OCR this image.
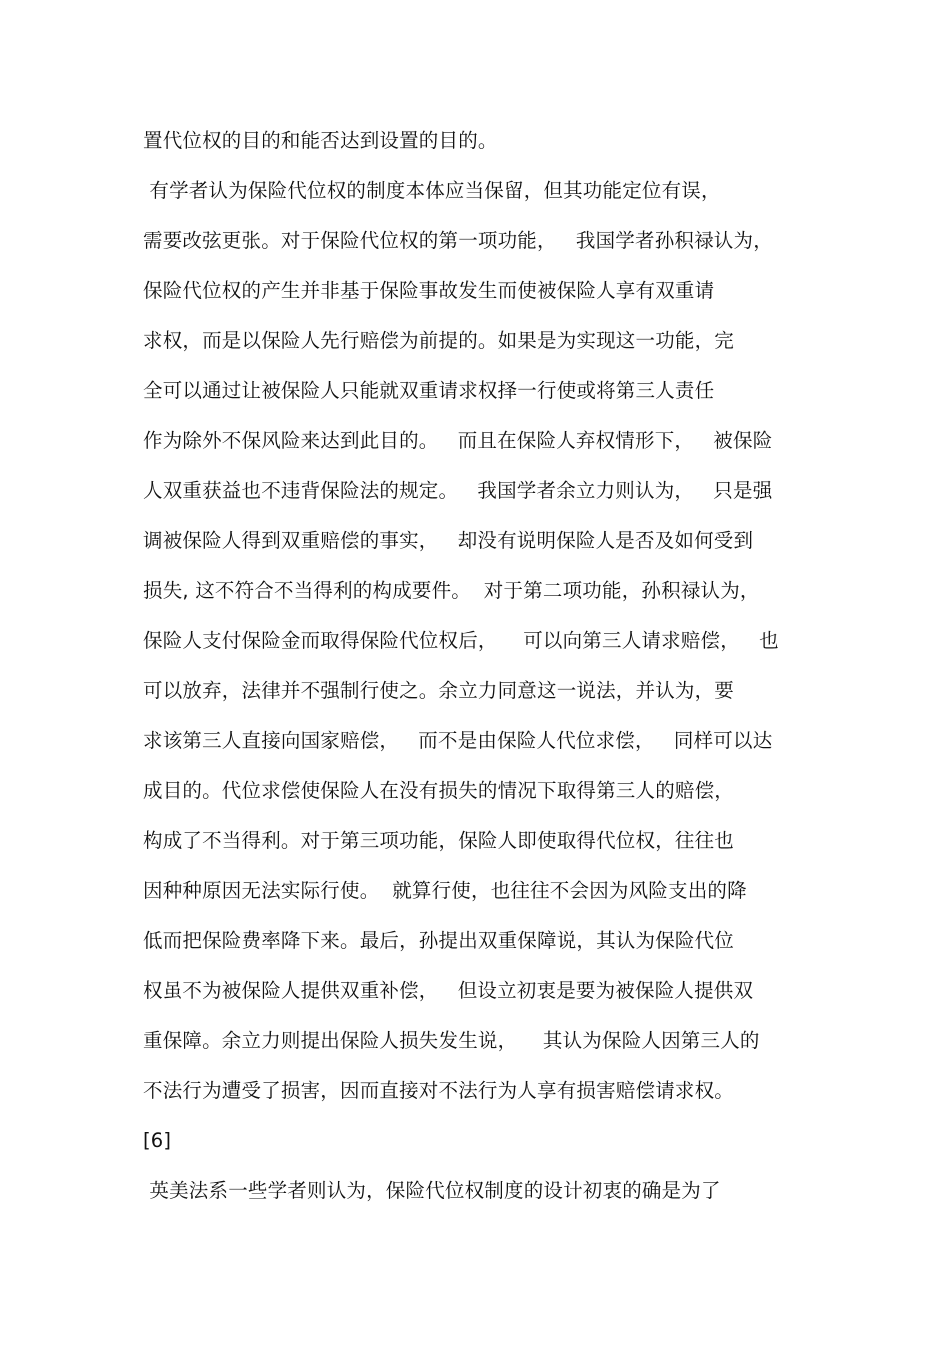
置代位权的目的和能否达到设置的目的。
有学者认为保险代位权的制度本体应当保留，但其功能定位有误，
需要改弦更张。对于保险代位权的第一项功能，   我国学者孙积禄认为，
保险代位权的产生并非基于保险事故发生而使被保险人享有双重请
求权，而是以保险人先行赔偿为前提的。如果是为实现这一功能，完
全可以通过让被保险人只能就双重请求权择一行使或将第三人责任
作为除外不保风险来达到此目的。   而且在保险人弃权情形下，   被保险
人双重获益也不违背保险法的规定。   我国学者余立力则认为，   只是强
调被保险人得到双重赔偿的事实，   却没有说明保险人是否及如何受到
损失, 这不符合不当得利的构成要件。  对于第二项功能，孙积禄认为，
保险人支付保险金而取得保险代位权后，    可以向第三人请求赔偿，   也
可以放弃，法律并不强制行使之。余立力同意这一说法，并认为，要
求该第三人直接向国家赔偿，   而不是由保险人代位求偿，   同样可以达
成目的。代位求偿使保险人在没有损失的情况下取得第三人的赔偿，
构成了不当得利。对于第三项功能，保险人即使取得代位权，往往也
因种种原因无法实际行使。  就算行使，也往往不会因为风险支出的降
低而把保险费率降下来。最后，孙提出双重保障说，其认为保险代位
权虽不为被保险人提供双重补偿，   但设立初衷是要为被保险人提供双
重保障。余立力则提出保险人损失发生说，    其认为保险人因第三人的
不法行为遭受了损害，因而直接对不法行为人享有损害赔偿请求权。
[6]
英美法系一些学者则认为，保险代位权制度的设计初衷的确是为了
